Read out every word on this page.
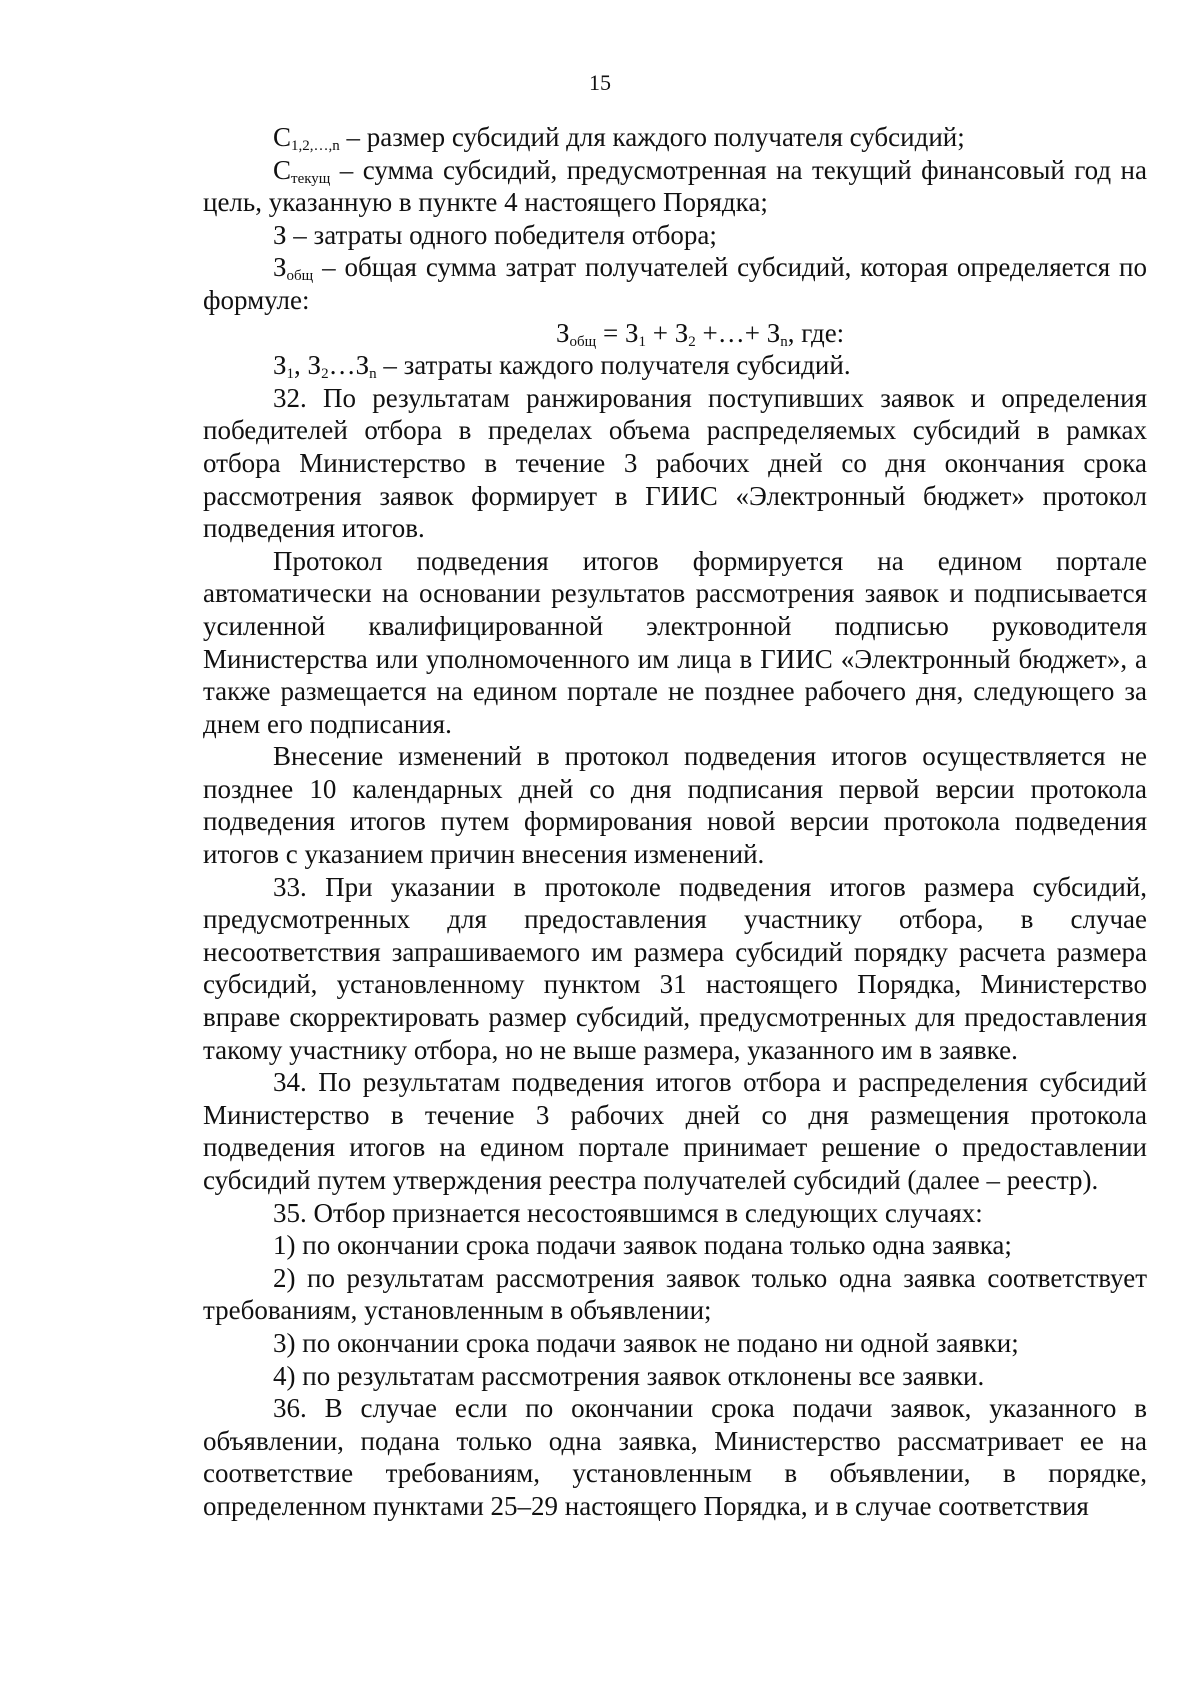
15

$С_{1,2,\dots,n}$ – размер субсидий для каждого получателя субсидий;

$С_{текущ}$ – сумма субсидий, предусмотренная на текущий финансовый год на цель, указанную в пункте 4 настоящего Порядка;

З – затраты одного победителя отбора;

$З_{общ}$ – общая сумма затрат получателей субсидий, которая определяется по формуле:

$З_{общ} = З_1 + З_2$ +…+ $З_n$, где:

$З_1$, $З_2\dots З_n$ – затраты каждого получателя субсидий.

32. По результатам ранжирования поступивших заявок и определения победителей отбора в пределах объема распределяемых субсидий в рамках отбора Министерство в течение 3 рабочих дней со дня окончания срока рассмотрения заявок формирует в ГИИС «Электронный бюджет» протокол подведения итогов.

Протокол подведения итогов формируется на едином портале автоматически на основании результатов рассмотрения заявок и подписывается усиленной квалифицированной электронной подписью руководителя Министерства или уполномоченного им лица в ГИИС «Электронный бюджет», а также размещается на едином портале не позднее рабочего дня, следующего за днем его подписания.

Внесение изменений в протокол подведения итогов осуществляется не позднее 10 календарных дней со дня подписания первой версии протокола подведения итогов путем формирования новой версии протокола подведения итогов с указанием причин внесения изменений.

33. При указании в протоколе подведения итогов размера субсидий, предусмотренных для предоставления участнику отбора, в случае несоответствия запрашиваемого им размера субсидий порядку расчета размера субсидий, установленному пунктом 31 настоящего Порядка, Министерство вправе скорректировать размер субсидий, предусмотренных для предоставления такому участнику отбора, но не выше размера, указанного им в заявке.

34. По результатам подведения итогов отбора и распределения субсидий Министерство в течение 3 рабочих дней со дня размещения протокола подведения итогов на едином портале принимает решение о предоставлении субсидий путем утверждения реестра получателей субсидий (далее – реестр).

35. Отбор признается несостоявшимся в следующих случаях:

1) по окончании срока подачи заявок подана только одна заявка;

2) по результатам рассмотрения заявок только одна заявка соответствует требованиям, установленным в объявлении;

3) по окончании срока подачи заявок не подано ни одной заявки;

4) по результатам рассмотрения заявок отклонены все заявки.

36. В случае если по окончании срока подачи заявок, указанного в объявлении, подана только одна заявка, Министерство рассматривает ее на соответствие требованиям, установленным в объявлении, в порядке, определенном пунктами 25–29 настоящего Порядка, и в случае соответствия
